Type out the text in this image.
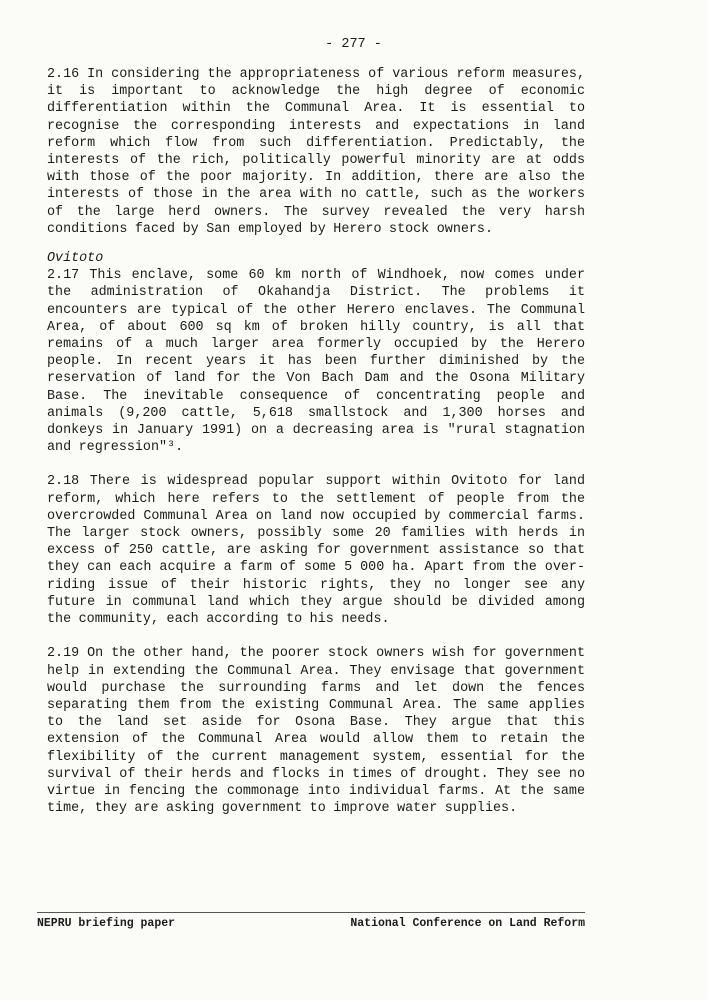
- 277 -

2.16 In considering the appropriateness of various reform measures, it is important to acknowledge the high degree of economic differentiation within the Communal Area. It is essential to recognise the corresponding interests and expectations in land reform which flow from such differentiation. Predictably, the interests of the rich, politically powerful minority are at odds with those of the poor majority. In addition, there are also the interests of those in the area with no cattle, such as the workers of the large herd owners. The survey revealed the very harsh conditions faced by San employed by Herero stock owners.

Ovitoto

2.17 This enclave, some 60 km north of Windhoek, now comes under the administration of Okahandja District. The problems it encounters are typical of the other Herero enclaves. The Communal Area, of about 600 sq km of broken hilly country, is all that remains of a much larger area formerly occupied by the Herero people. In recent years it has been further diminished by the reservation of land for the Von Bach Dam and the Osona Military Base. The inevitable consequence of concentrating people and animals (9,200 cattle, 5,618 smallstock and 1,300 horses and donkeys in January 1991) on a decreasing area is "rural stagnation and regression"³.

2.18 There is widespread popular support within Ovitoto for land reform, which here refers to the settlement of people from the overcrowded Communal Area on land now occupied by commercial farms. The larger stock owners, possibly some 20 families with herds in excess of 250 cattle, are asking for government assistance so that they can each acquire a farm of some 5 000 ha. Apart from the over-riding issue of their historic rights, they no longer see any future in communal land which they argue should be divided among the community, each according to his needs.

2.19 On the other hand, the poorer stock owners wish for government help in extending the Communal Area. They envisage that government would purchase the surrounding farms and let down the fences separating them from the existing Communal Area. The same applies to the land set aside for Osona Base. They argue that this extension of the Communal Area would allow them to retain the flexibility of the current management system, essential for the survival of their herds and flocks in times of drought. They see no virtue in fencing the commonage into individual farms. At the same time, they are asking government to improve water supplies.

NEPRU briefing paper	National Conference on Land Reform
